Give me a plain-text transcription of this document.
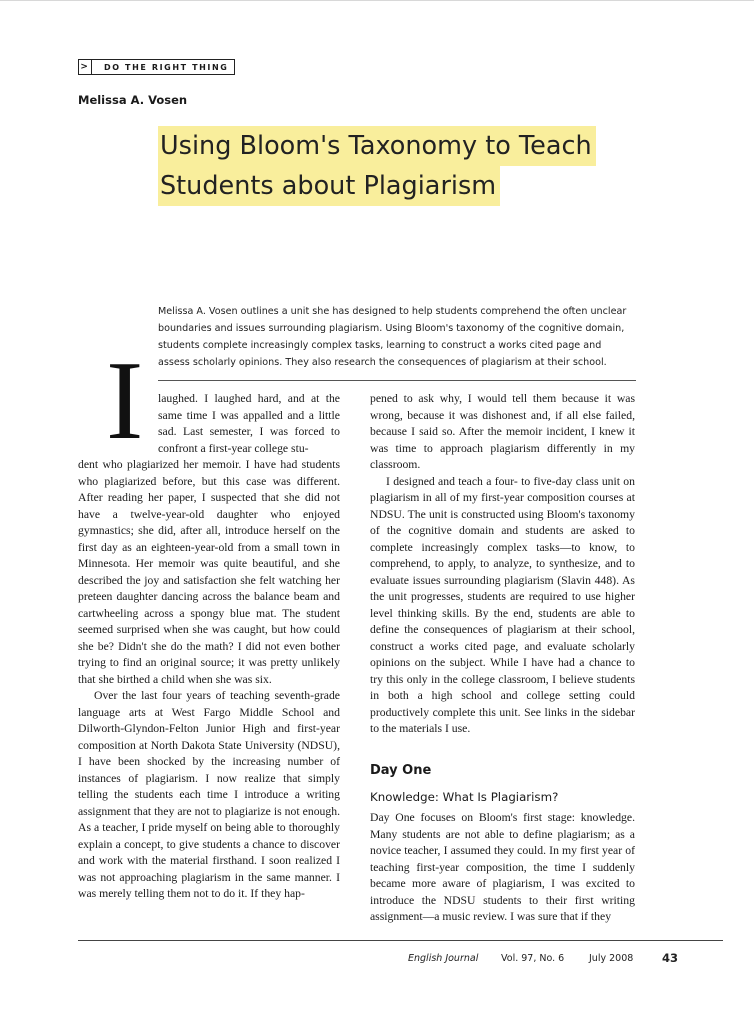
>	DO THE RIGHT THING
Melissa A. Vosen
Using Bloom's Taxonomy to Teach
Students about Plagiarism
Melissa A. Vosen outlines a unit she has designed to help students comprehend the often unclear boundaries and issues surrounding plagiarism. Using Bloom's taxonomy of the cognitive domain, students complete increasingly complex tasks, learning to construct a works cited page and assess scholarly opinions. They also research the consequences of plagiarism at their school.
I	laughed. I laughed hard, and at the same time I was appalled and a little sad. Last semester, I was forced to confront a first-year college stu-

dent who plagiarized her memoir. I have had students who plagiarized before, but this case was different. After reading her paper, I suspected that she did not have a twelve-year-old daughter who enjoyed gymnastics; she did, after all, introduce herself on the first day as an eighteen-year-old from a small town in Minnesota. Her memoir was quite beautiful, and she described the joy and satisfaction she felt watching her preteen daughter dancing across the balance beam and cartwheeling across a spongy blue mat. The student seemed surprised when she was caught, but how could she be? Didn't she do the math? I did not even bother trying to find an original source; it was pretty unlikely that she birthed a child when she was six.

Over the last four years of teaching seventh-grade language arts at West Fargo Middle School and Dilworth-Glyndon-Felton Junior High and first-year composition at North Dakota State University (NDSU), I have been shocked by the increasing number of instances of plagiarism. I now realize that simply telling the students each time I introduce a writing assignment that they are not to plagiarize is not enough. As a teacher, I pride myself on being able to thoroughly explain a concept, to give students a chance to discover and work with the material firsthand. I soon realized I was not approaching plagiarism in the same manner. I was merely telling them not to do it. If they hap-

pened to ask why, I would tell them because it was wrong, because it was dishonest and, if all else failed, because I said so. After the memoir incident, I knew it was time to approach plagiarism differently in my classroom.

I designed and teach a four- to five-day class unit on plagiarism in all of my first-year composition courses at NDSU. The unit is constructed using Bloom's taxonomy of the cognitive domain and students are asked to complete increasingly complex tasks—to know, to comprehend, to apply, to analyze, to synthesize, and to evaluate issues surrounding plagiarism (Slavin 448). As the unit progresses, students are required to use higher level thinking skills. By the end, students are able to define the consequences of plagiarism at their school, construct a works cited page, and evaluate scholarly opinions on the subject. While I have had a chance to try this only in the college classroom, I believe students in both a high school and college setting could productively complete this unit. See links in the sidebar to the materials I use.

Day One
Knowledge: What Is Plagiarism?

Day One focuses on Bloom's first stage: knowledge. Many students are not able to define plagiarism; as a novice teacher, I assumed they could. In my first year of teaching first-year composition, the time I suddenly became more aware of plagiarism, I was excited to introduce the NDSU students to their first writing assignment—a music review. I was sure that if they

English Journal Vol. 97, No. 6	July 2008 43
